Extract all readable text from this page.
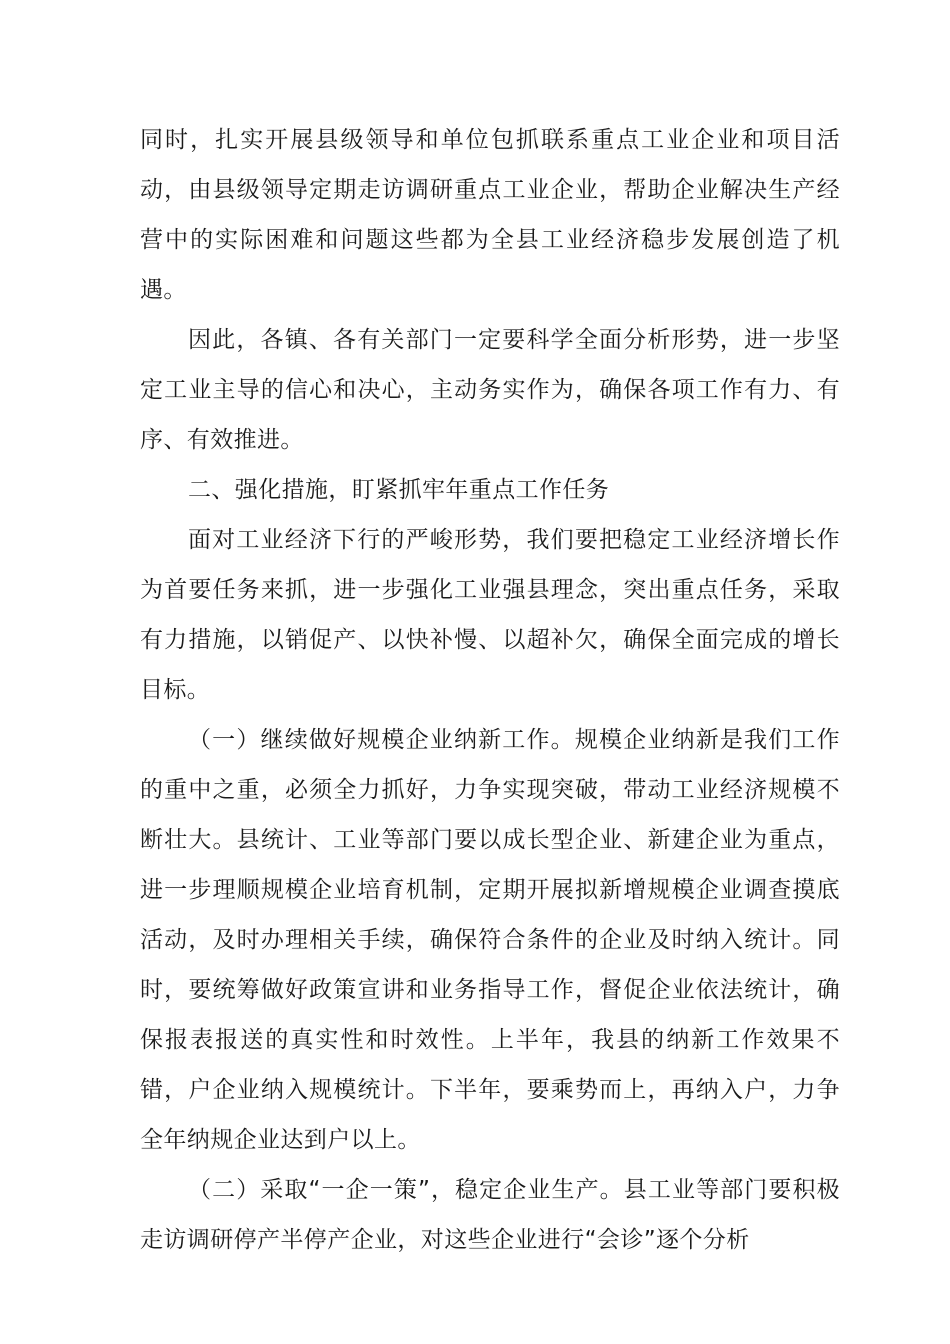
同时，扎实开展县级领导和单位包抓联系重点工业企业和项目活动，由县级领导定期走访调研重点工业企业，帮助企业解决生产经营中的实际困难和问题这些都为全县工业经济稳步发展创造了机遇。

因此，各镇、各有关部门一定要科学全面分析形势，进一步坚定工业主导的信心和决心，主动务实作为，确保各项工作有力、有序、有效推进。

二、强化措施，盯紧抓牢年重点工作任务

面对工业经济下行的严峻形势，我们要把稳定工业经济增长作为首要任务来抓，进一步强化工业强县理念，突出重点任务，采取有力措施，以销促产、以快补慢、以超补欠，确保全面完成的增长目标。

（一）继续做好规模企业纳新工作。规模企业纳新是我们工作的重中之重，必须全力抓好，力争实现突破，带动工业经济规模不断壮大。县统计、工业等部门要以成长型企业、新建企业为重点，进一步理顺规模企业培育机制，定期开展拟新增规模企业调查摸底活动，及时办理相关手续，确保符合条件的企业及时纳入统计。同时，要统筹做好政策宣讲和业务指导工作，督促企业依法统计，确保报表报送的真实性和时效性。上半年，我县的纳新工作效果不错，户企业纳入规模统计。下半年，要乘势而上，再纳入户，力争全年纳规企业达到户以上。

（二）采取“一企一策”，稳定企业生产。县工业等部门要积极走访调研停产半停产企业，对这些企业进行“会诊”逐个分析
